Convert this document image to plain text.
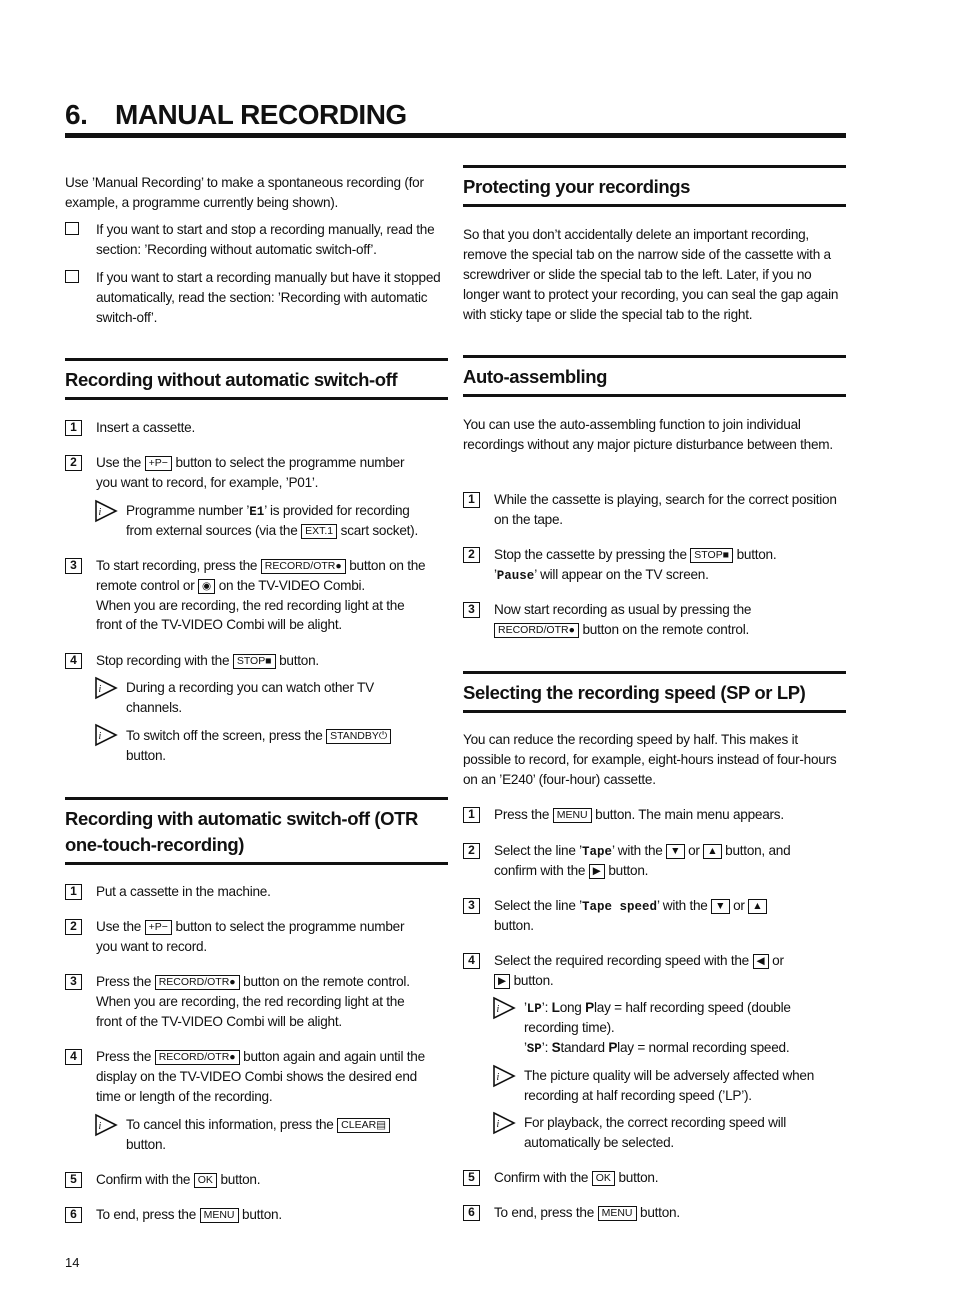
6. MANUAL RECORDING
Use ’Manual Recording’ to make a spontaneous recording (for example, a programme currently being shown).
If you want to start and stop a recording manually, read the section: ’Recording without automatic switch-off’.
If you want to start a recording manually but have it stopped automatically, read the section: ’Recording with automatic switch-off’.
Recording without automatic switch-off
1	Insert a cassette.
2	Use the +P− button to select the programme number
you want to record, for example, ’P01’.
i Programme number ’E1’ is provided for recording
from external sources (via the EXT.1 scart socket).
3	To start recording, press the RECORD/OTR● button on the
remote control or ◉ on the TV-VIDEO Combi.
When you are recording, the red recording light at the
front of the TV-VIDEO Combi will be alight.
4	Stop recording with the STOP■ button.
i During a recording you can watch other TV channels.
i To switch off the screen, press the STANDBY⏻
button.
Recording with automatic switch-off (OTR one-touch-recording)
1	Put a cassette in the machine.
2	Use the +P− button to select the programme number
you want to record.
3	Press the RECORD/OTR● button on the remote control.
When you are recording, the red recording light at the
front of the TV-VIDEO Combi will be alight.
4	Press the RECORD/OTR● button again and again until the
display on the TV-VIDEO Combi shows the desired end
time or length of the recording.
i To cancel this information, press the CLEAR▤
button.
5	Confirm with the OK button.
6	To end, press the MENU button.
Protecting your recordings
So that you don’t accidentally delete an important recording, remove the special tab on the narrow side of the cassette with a screwdriver or slide the special tab to the left. Later, if you no longer want to protect your recording, you can seal the gap again with sticky tape or slide the special tab to the right.
Auto-assembling
You can use the auto-assembling function to join individual recordings without any major picture disturbance between them.
1	While the cassette is playing, search for the correct position on the tape.
2	Stop the cassette by pressing the STOP■ button.
’Pause’ will appear on the TV screen.
3	Now start recording as usual by pressing the
RECORD/OTR● button on the remote control.
Selecting the recording speed (SP or LP)
You can reduce the recording speed by half. This makes it possible to record, for example, eight-hours instead of four-hours on an ’E240’ (four-hour) cassette.
1	Press the MENU button. The main menu appears.
2	Select the line ’Tape’ with the ▼ or ▲ button, and
confirm with the ▶ button.
3	Select the line ’Tape speed’ with the ▼ or ▲
button.
4	Select the required recording speed with the ◀ or
▶ button.
i ’LP’: Long Play = half recording speed (double
recording time).
’SP’: Standard Play = normal recording speed.
i The picture quality will be adversely affected when recording at half recording speed (’LP’).
i For playback, the correct recording speed will automatically be selected.
5	Confirm with the OK button.
6	To end, press the MENU button.
14
